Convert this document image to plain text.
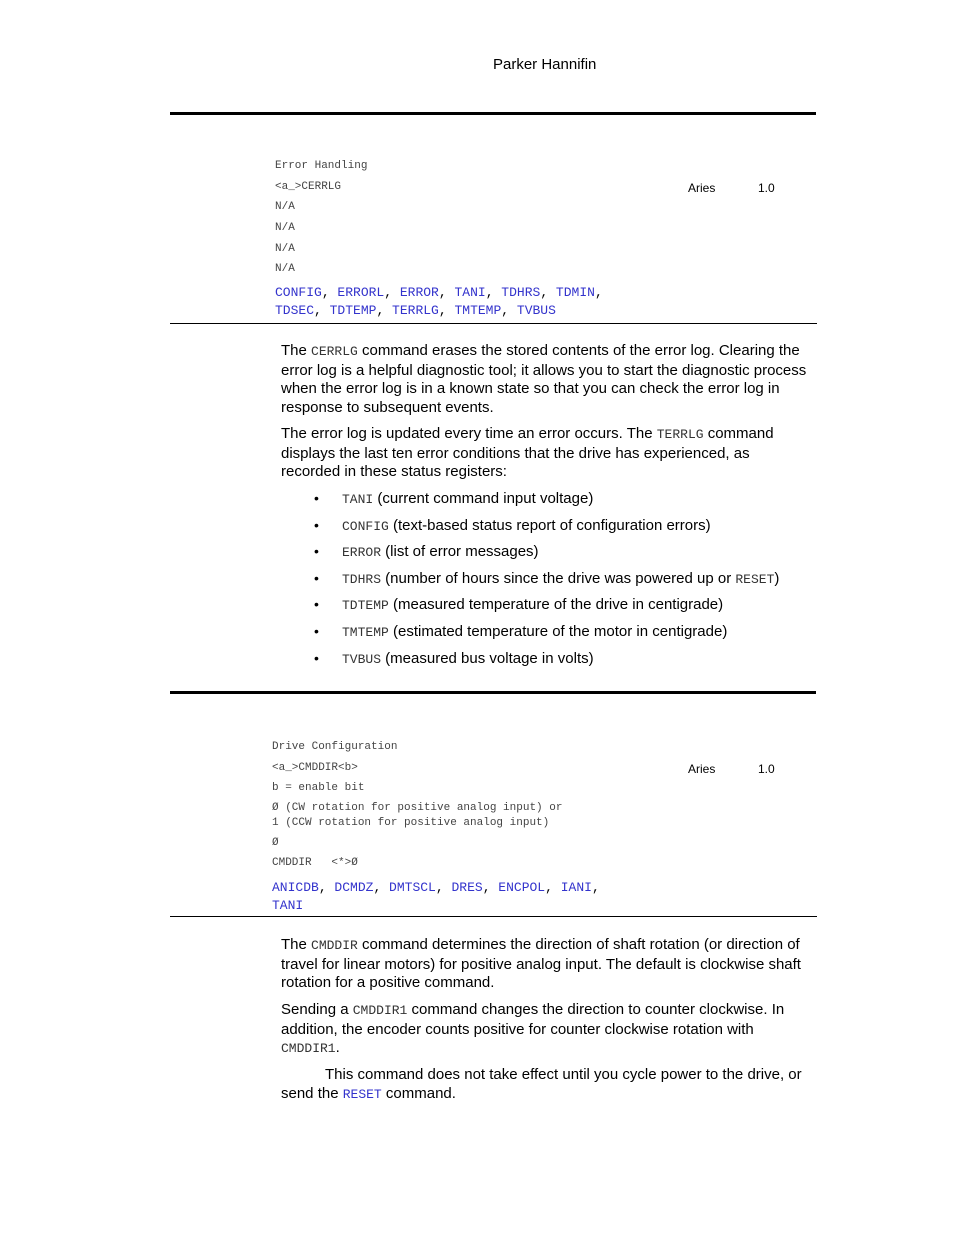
Parker Hannifin
Error Handling
<a_>CERRLG	Aries	1.0
N/A
N/A
N/A
N/A
CONFIG, ERRORL, ERROR, TANI, TDHRS, TDMIN,
TDSEC, TDTEMP, TERRLG, TMTEMP, TVBUS
The CERRLG command erases the stored contents of the error log. Clearing the error log is a helpful diagnostic tool; it allows you to start the diagnostic process when the error log is in a known state so that you can check the error log in response to subsequent events.
The error log is updated every time an error occurs. The TERRLG command displays the last ten error conditions that the drive has experienced, as recorded in these status registers:
• TANI (current command input voltage)
• CONFIG (text-based status report of configuration errors)
• ERROR (list of error messages)
• TDHRS (number of hours since the drive was powered up or RESET)
• TDTEMP (measured temperature of the drive in centigrade)
• TMTEMP (estimated temperature of the motor in centigrade)
• TVBUS (measured bus voltage in volts)
Drive Configuration
<a_>CMDDIR<b>	Aries	1.0
b = enable bit
Ø (CW rotation for positive analog input) or
1 (CCW rotation for positive analog input)
Ø
CMDDIR   <*>Ø
ANICDB, DCMDZ, DMTSCL, DRES, ENCPOL, IANI,
TANI
The CMDDIR command determines the direction of shaft rotation (or direction of travel for linear motors) for positive analog input. The default is clockwise shaft rotation for a positive command.
Sending a CMDDIR1 command changes the direction to counter clockwise. In addition, the encoder counts positive for counter clockwise rotation with CMDDIR1.
This command does not take effect until you cycle power to the drive, or send the RESET command.
